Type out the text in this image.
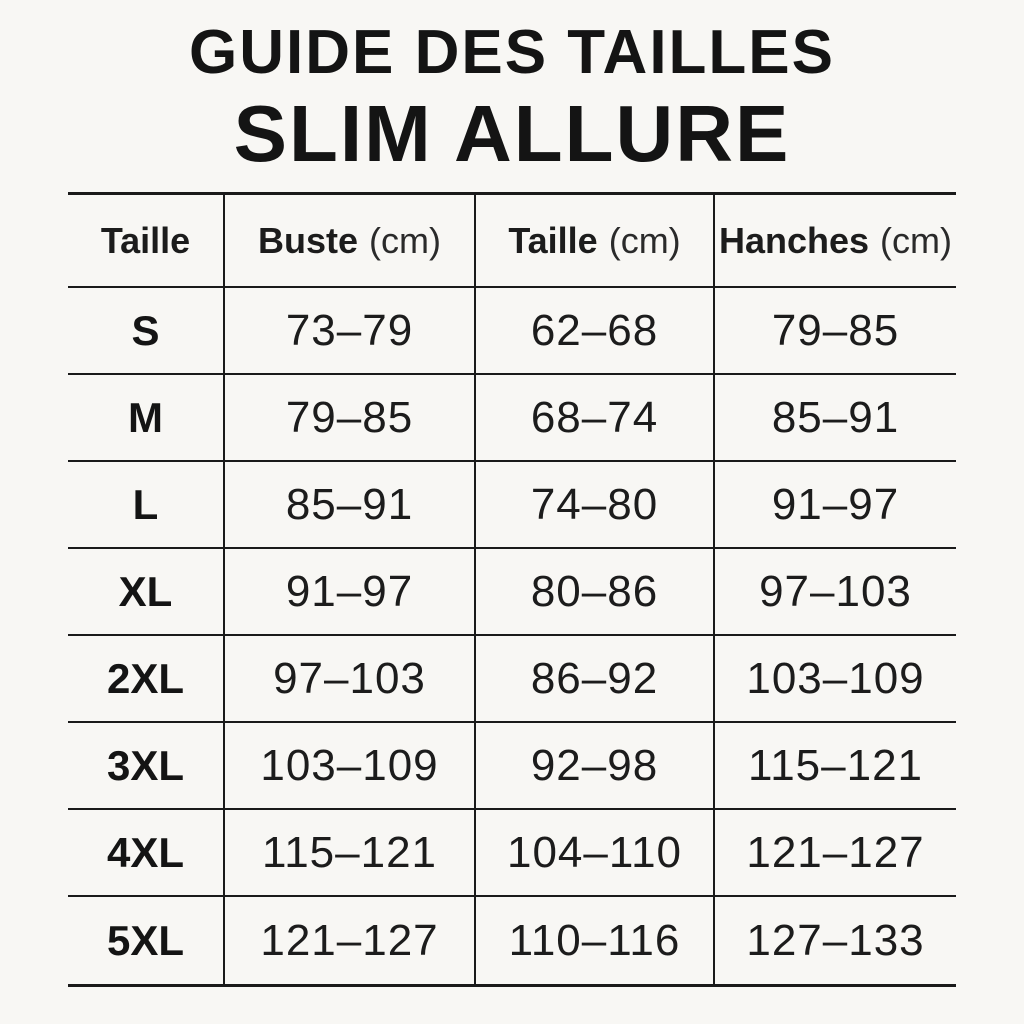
GUIDE DES TAILLES
SLIM ALLURE
Taille Buste (cm) Taille (cm) Hanches (cm)
S	73–79	62–68	79–85
M	79–85	68–74	85–91
L	85–91	74–80	91–97
XL	91–97	80–86	97–103
2XL	97–103	86–92	103–109
3XL	103–109	92–98	115–121
4XL	115–121	104–110	121–127
5XL	121–127	110–116	127–133
